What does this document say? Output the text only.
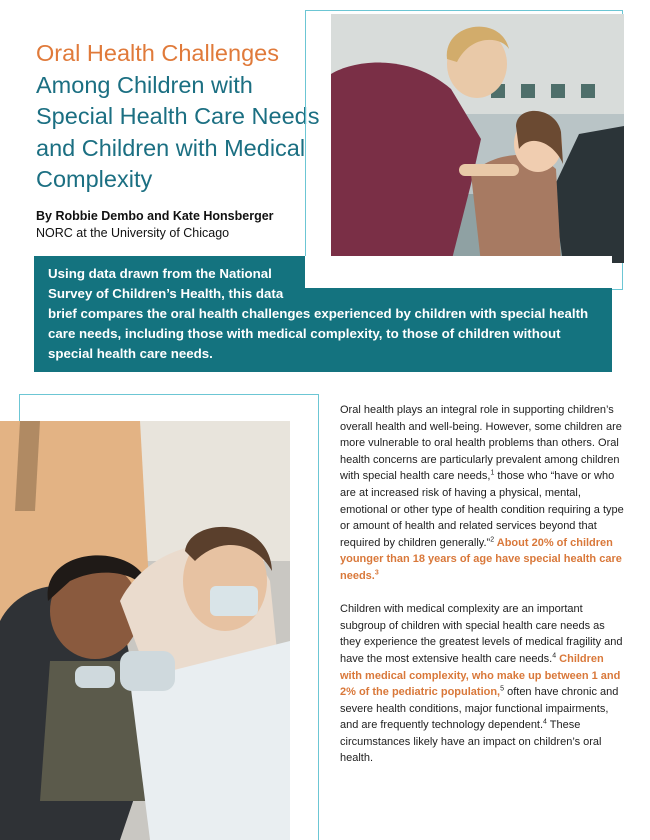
Oral Health Challenges
Among Children with Special Health Care Needs and Children with Medical Complexity
By Robbie Dembo and Kate Honsberger
NORC at the University of Chicago
Using data drawn from the National Survey of Children’s Health, this data
brief compares the oral health challenges experienced by children with special health care needs, including those with medical complexity, to those of children without special health care needs.

Oral health plays an integral role in supporting children’s overall health and well-being. However, some children are more vulnerable to oral health problems than others. Oral health concerns are particularly prevalent among children with special health care needs,$^1$ those who “have or who are at increased risk of having a physical, mental, emotional or other type of health condition requiring a type or amount of health and related services beyond that required by children generally.”$^2$ About 20% of children younger than 18 years of age have special health care needs.$^3$

Children with medical complexity are an important subgroup of children with special health care needs as they experience the greatest levels of medical fragility and have the most extensive health care needs.$^4$ Children with medical complexity, who make up between 1 and 2% of the pediatric population,$^5$ often have chronic and severe health conditions, major functional impairments, and are frequently technology dependent.$^4$ These circumstances likely have an impact on children’s oral health.
